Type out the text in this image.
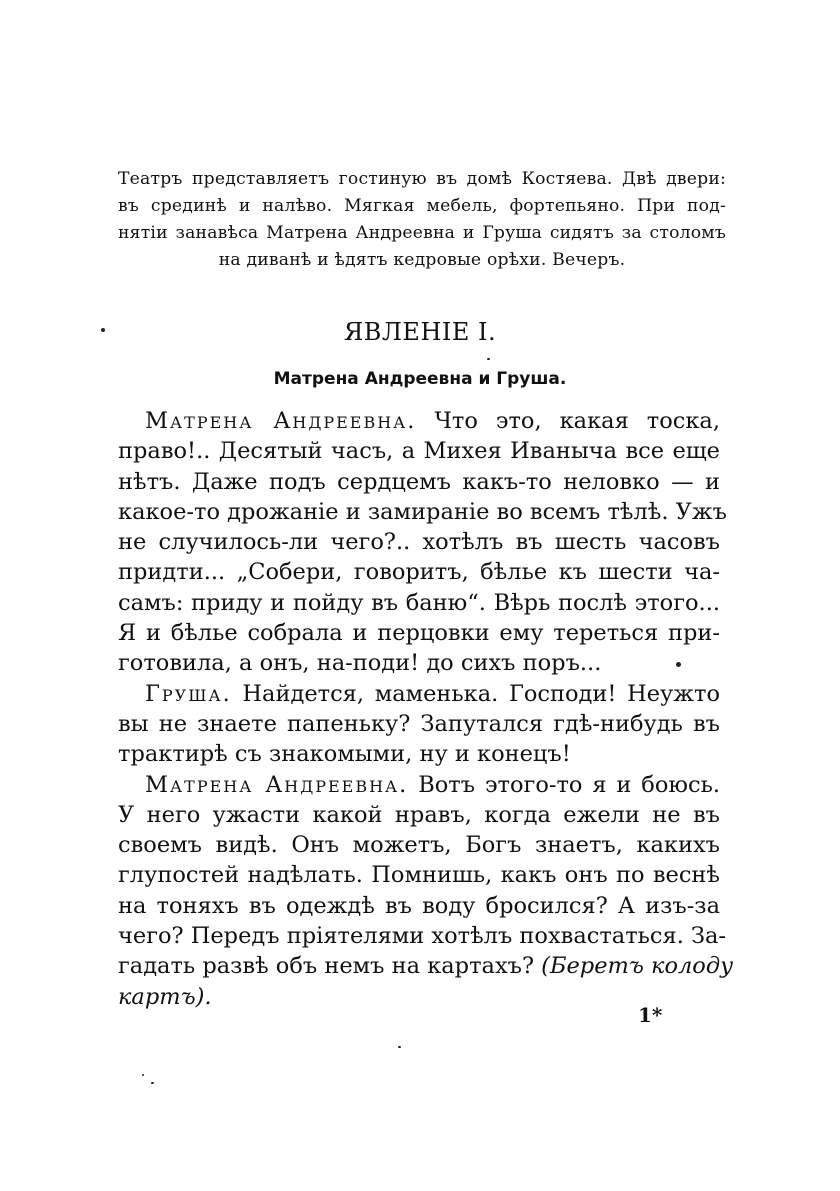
Театръ представляетъ гостиную въ домѣ Костяева. Двѣ двери:
въ срединѣ и налѣво. Мягкая мебель, фортепьяно. При под-
нятіи занавѣса Матрена Андреевна и Груша сидятъ за столомъ
на диванѣ и ѣдятъ кедровые орѣхи. Вечеръ.
ЯВЛЕНІЕ I.
Матрена Андреевна и Груша.
Матрена Андреевна. Что это, какая тоска,
право!.. Десятый часъ, а Михея Иваныча все еще
нѣтъ. Даже подъ сердцемъ какъ-то неловко — и
какое-то дрожаніе и замираніе во всемъ тѣлѣ. Ужъ
не случилось-ли чего?.. хотѣлъ въ шесть часовъ
придти... „Собери, говоритъ, бѣлье къ шести ча-
самъ: приду и пойду въ баню“. Вѣрь послѣ этого...
Я и бѣлье собрала и перцовки ему тереться при-
готовила, а онъ, на-поди! до сихъ поръ...
Груша. Найдется, маменька. Господи! Неужто
вы не знаете папеньку? Запутался гдѣ-нибудь въ
трактирѣ съ знакомыми, ну и конецъ!
Матрена Андреевна. Вотъ этого-то я и боюсь.
У него ужасти какой нравъ, когда ежели не въ
своемъ видѣ. Онъ можетъ, Богъ знаетъ, какихъ
глупостей надѣлать. Помнишь, какъ онъ по веснѣ
на тоняхъ въ одеждѣ въ воду бросился? А изъ-за
чего? Передъ пріятелями хотѣлъ похвастаться. За-
гадать развѣ объ немъ на картахъ? (Беретъ колоду
картъ).
1*
